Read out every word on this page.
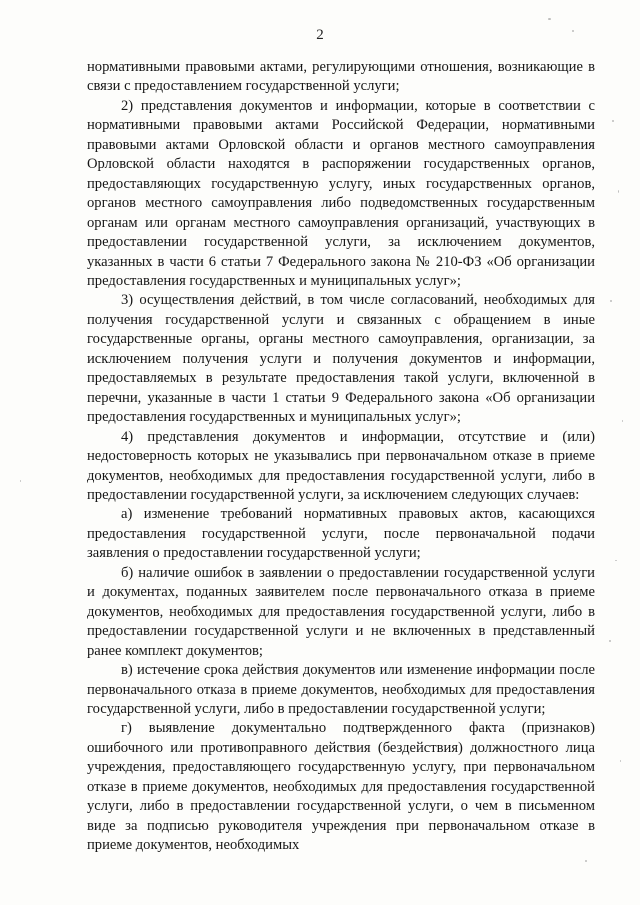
2

нормативными правовыми актами, регулирующими отношения, возникающие в связи с предоставлением государственной услуги;

2) представления документов и информации, которые в соответствии с нормативными правовыми актами Российской Федерации, нормативными правовыми актами Орловской области и органов местного самоуправления Орловской области находятся в распоряжении государственных органов, предоставляющих государственную услугу, иных государственных органов, органов местного самоуправления либо подведомственных государственным органам или органам местного самоуправления организаций, участвующих в предоставлении государственной услуги, за исключением документов, указанных в части 6 статьи 7 Федерального закона № 210-ФЗ «Об организации предоставления государственных и муниципальных услуг»;

3) осуществления действий, в том числе согласований, необходимых для получения государственной услуги и связанных с обращением в иные государственные органы, органы местного самоуправления, организации, за исключением получения услуги и получения документов и информации, предоставляемых в результате предоставления такой услуги, включенной в перечни, указанные в части 1 статьи 9 Федерального закона «Об организации предоставления государственных и муниципальных услуг»;

4) представления документов и информации, отсутствие и (или) недостоверность которых не указывались при первоначальном отказе в приеме документов, необходимых для предоставления государственной услуги, либо в предоставлении государственной услуги, за исключением следующих случаев:

а) изменение требований нормативных правовых актов, касающихся предоставления государственной услуги, после первоначальной подачи заявления о предоставлении государственной услуги;

б) наличие ошибок в заявлении о предоставлении государственной услуги и документах, поданных заявителем после первоначального отказа в приеме документов, необходимых для предоставления государственной услуги, либо в предоставлении государственной услуги и не включенных в представленный ранее комплект документов;

в) истечение срока действия документов или изменение информации после первоначального отказа в приеме документов, необходимых для предоставления государственной услуги, либо в предоставлении государственной услуги;

г) выявление документально подтвержденного факта (признаков) ошибочного или противоправного действия (бездействия) должностного лица учреждения, предоставляющего государственную услугу, при первоначальном отказе в приеме документов, необходимых для предоставления государственной услуги, либо в предоставлении государственной услуги, о чем в письменном виде за подписью руководителя учреждения при первоначальном отказе в приеме документов, необходимых
